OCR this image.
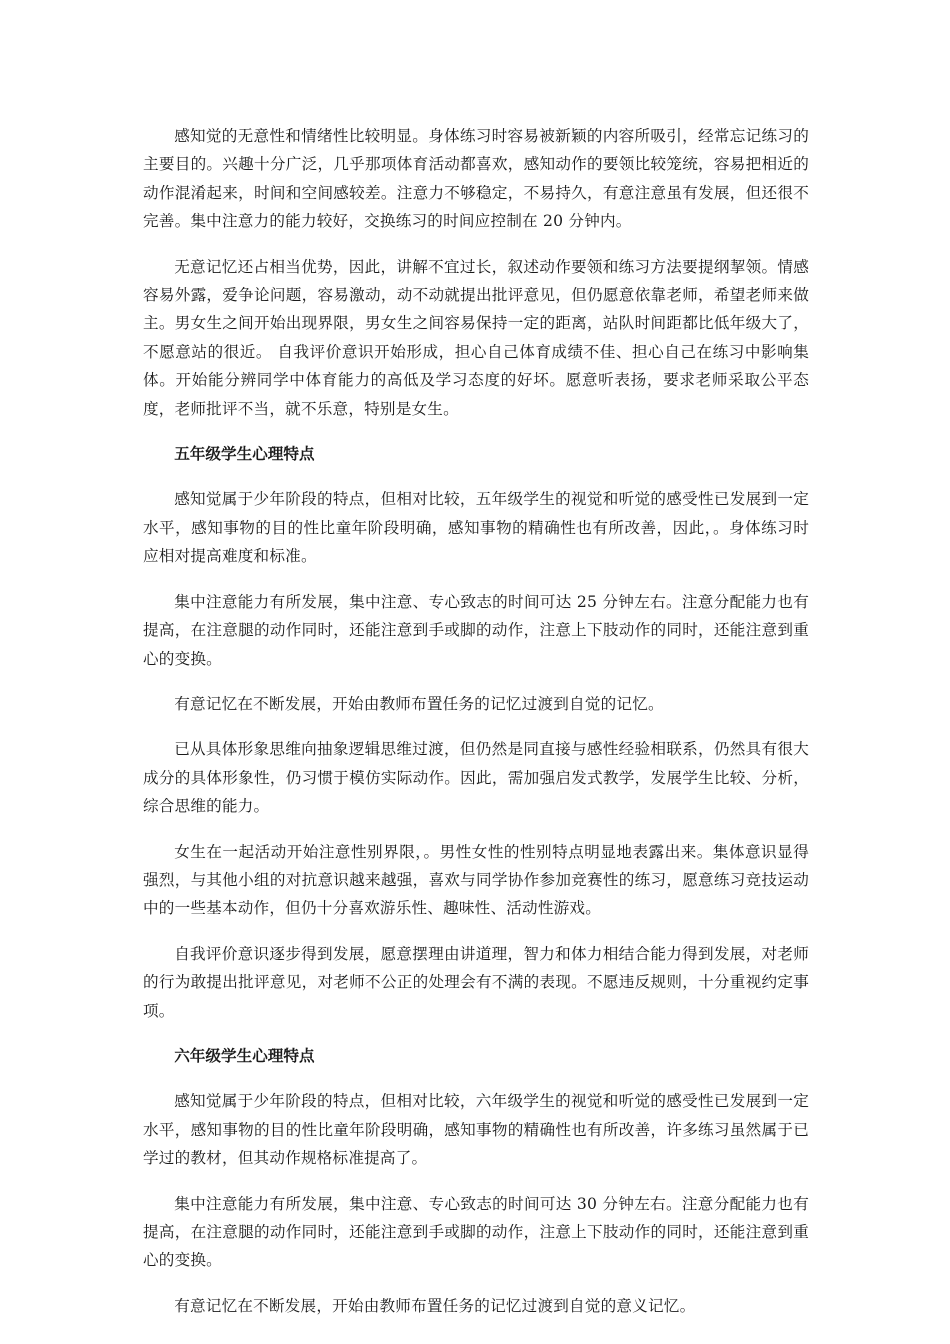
感知觉的无意性和情绪性比较明显。身体练习时容易被新颖的内容所吸引，经常忘记练习的主要目的。兴趣十分广泛，几乎那项体育活动都喜欢，感知动作的要领比较笼统，容易把相近的动作混淆起来，时间和空间感较差。注意力不够稳定，不易持久，有意注意虽有发展，但还很不完善。集中注意力的能力较好，交换练习的时间应控制在 20 分钟内。

无意记忆还占相当优势，因此，讲解不宜过长，叙述动作要领和练习方法要提纲挈领。情感容易外露，爱争论问题，容易激动，动不动就提出批评意见，但仍愿意依靠老师，希望老师来做主。男女生之间开始出现界限，男女生之间容易保持一定的距离，站队时间距都比低年级大了，不愿意站的很近。 自我评价意识开始形成，担心自己体育成绩不佳、担心自己在练习中影响集体。开始能分辨同学中体育能力的高低及学习态度的好坏。愿意听表扬，要求老师采取公平态度，老师批评不当，就不乐意，特别是女生。

五年级学生心理特点

感知觉属于少年阶段的特点，但相对比较，五年级学生的视觉和听觉的感受性已发展到一定水平，感知事物的目的性比童年阶段明确，感知事物的精确性也有所改善，因此，。身体练习时应相对提高难度和标准。

集中注意能力有所发展，集中注意、专心致志的时间可达 25 分钟左右。注意分配能力也有提高，在注意腿的动作同时，还能注意到手或脚的动作，注意上下肢动作的同时，还能注意到重心的变换。

有意记忆在不断发展，开始由教师布置任务的记忆过渡到自觉的记忆。

已从具体形象思维向抽象逻辑思维过渡，但仍然是同直接与感性经验相联系，仍然具有很大成分的具体形象性，仍习惯于模仿实际动作。因此，需加强启发式教学，发展学生比较、分析，综合思维的能力。

女生在一起活动开始注意性别界限，。男性女性的性别特点明显地表露出来。集体意识显得强烈，与其他小组的对抗意识越来越强，喜欢与同学协作参加竞赛性的练习，愿意练习竞技运动中的一些基本动作，但仍十分喜欢游乐性、趣味性、活动性游戏。

自我评价意识逐步得到发展，愿意摆理由讲道理，智力和体力相结合能力得到发展，对老师的行为敢提出批评意见，对老师不公正的处理会有不满的表现。不愿违反规则，十分重视约定事项。

六年级学生心理特点

感知觉属于少年阶段的特点，但相对比较，六年级学生的视觉和听觉的感受性已发展到一定水平，感知事物的目的性比童年阶段明确，感知事物的精确性也有所改善，许多练习虽然属于已学过的教材，但其动作规格标准提高了。

集中注意能力有所发展，集中注意、专心致志的时间可达 30 分钟左右。注意分配能力也有提高，在注意腿的动作同时，还能注意到手或脚的动作，注意上下肢动作的同时，还能注意到重心的变换。

有意记忆在不断发展，开始由教师布置任务的记忆过渡到自觉的意义记忆。
